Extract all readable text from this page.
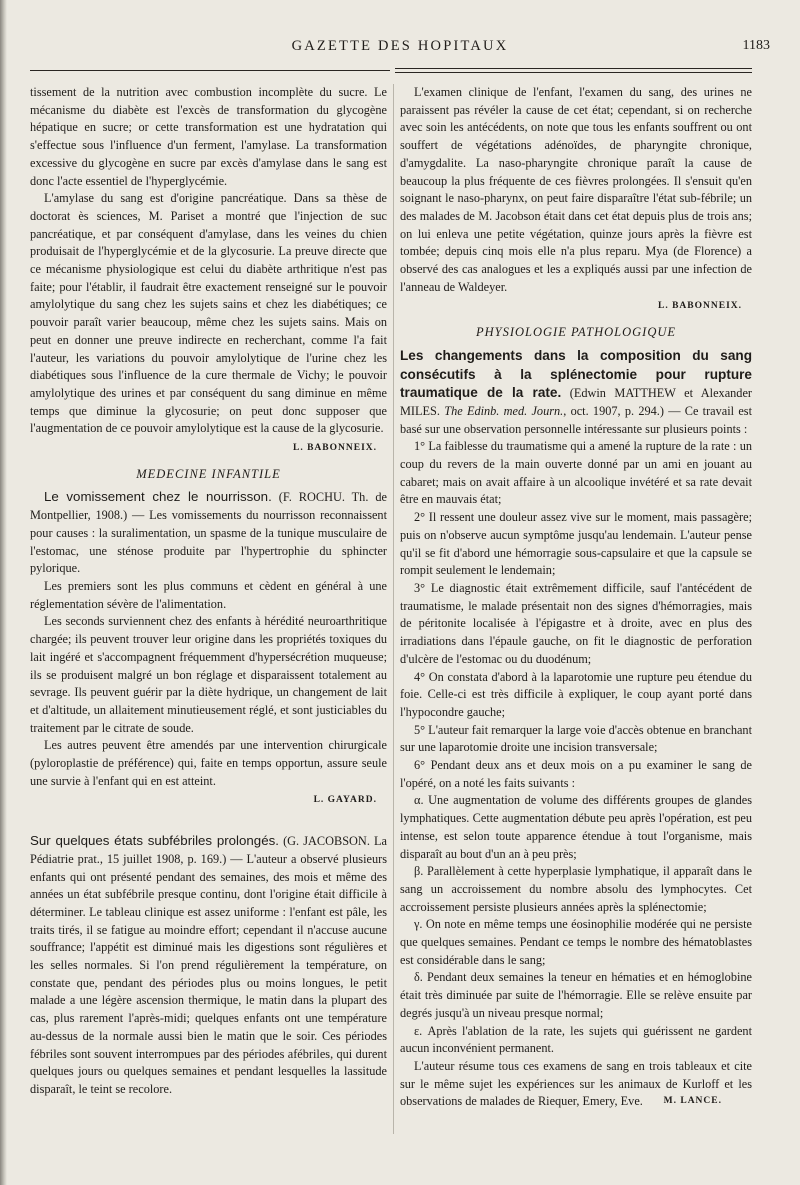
GAZETTE DES HOPITAUX	1183

tissement de la nutrition avec combustion incomplète du sucre. Le mécanisme du diabète est l'excès de transformation du glycogène hépatique en sucre; or cette transformation est une hydratation qui s'effectue sous l'influence d'un ferment, l'amylase. La transformation excessive du glycogène en sucre par excès d'amylase dans le sang est donc l'acte essentiel de l'hyperglycémie.

L'amylase du sang est d'origine pancréatique. Dans sa thèse de doctorat ès sciences, M. Pariset a montré que l'injection de suc pancréatique, et par conséquent d'amylase, dans les veines du chien produisait de l'hyperglycémie et de la glycosurie. La preuve directe que ce mécanisme physiologique est celui du diabète arthritique n'est pas faite; pour l'établir, il faudrait être exactement renseigné sur le pouvoir amylolytique du sang chez les sujets sains et chez les diabétiques; ce pouvoir paraît varier beaucoup, même chez les sujets sains. Mais on peut en donner une preuve indirecte en recherchant, comme l'a fait l'auteur, les variations du pouvoir amylolytique de l'urine chez les diabétiques sous l'influence de la cure thermale de Vichy; le pouvoir amylolytique des urines et par conséquent du sang diminue en même temps que diminue la glycosurie; on peut donc supposer que l'augmentation de ce pouvoir amylolytique est la cause de la glycosurie.

L. BABONNEIX.
MEDECINE INFANTILE

Le vomissement chez le nourrisson. (F. ROCHU. Th. de Montpellier, 1908.) — Les vomissements du nourrisson reconnaissent pour causes : la suralimentation, un spasme de la tunique musculaire de l'estomac, une sténose produite par l'hypertrophie du sphincter pylorique.

Les premiers sont les plus communs et cèdent en général à une réglementation sévère de l'alimentation.

Les seconds surviennent chez des enfants à hérédité neuroarthritique chargée; ils peuvent trouver leur origine dans les propriétés toxiques du lait ingéré et s'accompagnent fréquemment d'hypersécrétion muqueuse; ils se produisent malgré un bon réglage et disparaissent totalement au sevrage. Ils peuvent guérir par la diète hydrique, un changement de lait et d'altitude, un allaitement minutieusement réglé, et sont justiciables du traitement par le citrate de soude.

Les autres peuvent être amendés par une intervention chirurgicale (pyloroplastie de préférence) qui, faite en temps opportun, assure seule une survie à l'enfant qui en est atteint.

L. GAYARD.

Sur quelques états subfébriles prolongés. (G. JACOBSON. La Pédiatrie prat., 15 juillet 1908, p. 169.) — L'auteur a observé plusieurs enfants qui ont présenté pendant des semaines, des mois et même des années un état subfébrile presque continu, dont l'origine était difficile à déterminer. Le tableau clinique est assez uniforme : l'enfant est pâle, les traits tirés, il se fatigue au moindre effort; cependant il n'accuse aucune souffrance; l'appétit est diminué mais les digestions sont régulières et les selles normales. Si l'on prend régulièrement la température, on constate que, pendant des périodes plus ou moins longues, le petit malade a une légère ascension thermique, le matin dans la plupart des cas, plus rarement l'après-midi; quelques enfants ont une température au-dessus de la normale aussi bien le matin que le soir. Ces périodes fébriles sont souvent interrompues par des périodes afébriles, qui durent quelques jours ou quelques semaines et pendant lesquelles la lassitude disparaît, le teint se recolore.

L'examen clinique de l'enfant, l'examen du sang, des urines ne paraissent pas révéler la cause de cet état; cependant, si on recherche avec soin les antécédents, on note que tous les enfants souffrent ou ont souffert de végétations adénoïdes, de pharyngite chronique, d'amygdalite. La naso-pharyngite chronique paraît la cause de beaucoup la plus fréquente de ces fièvres prolongées. Il s'ensuit qu'en soignant le naso-pharynx, on peut faire disparaître l'état sub-fébrile; un des malades de M. Jacobson était dans cet état depuis plus de trois ans; on lui enleva une petite végétation, quinze jours après la fièvre est tombée; depuis cinq mois elle n'a plus reparu. Mya (de Florence) a observé des cas analogues et les a expliqués aussi par une infection de l'anneau de Waldeyer.

L. BABONNEIX.
PHYSIOLOGIE PATHOLOGIQUE

Les changements dans la composition du sang consécutifs à la splénectomie pour rupture traumatique de la rate. (Edwin MATTHEW et Alexander MILES. The Edinb. med. Journ., oct. 1907, p. 294.) — Ce travail est basé sur une observation personnelle intéressante sur plusieurs points :

1° La faiblesse du traumatisme qui a amené la rupture de la rate : un coup du revers de la main ouverte donné par un ami en jouant au cabaret; mais on avait affaire à un alcoolique invétéré et sa rate devait être en mauvais état;

2° Il ressent une douleur assez vive sur le moment, mais passagère; puis on n'observe aucun symptôme jusqu'au lendemain. L'auteur pense qu'il se fit d'abord une hémorragie sous-capsulaire et que la capsule se rompit seulement le lendemain;

3° Le diagnostic était extrêmement difficile, sauf l'antécédent de traumatisme, le malade présentait non des signes d'hémorragies, mais de péritonite localisée à l'épigastre et à droite, avec en plus des irradiations dans l'épaule gauche, on fit le diagnostic de perforation d'ulcère de l'estomac ou du duodénum;

4° On constata d'abord à la laparotomie une rupture peu étendue du foie. Celle-ci est très difficile à expliquer, le coup ayant porté dans l'hypocondre gauche;

5° L'auteur fait remarquer la large voie d'accès obtenue en branchant sur une laparotomie droite une incision transversale;

6° Pendant deux ans et deux mois on a pu examiner le sang de l'opéré, on a noté les faits suivants :

α. Une augmentation de volume des différents groupes de glandes lymphatiques. Cette augmentation débute peu après l'opération, est peu intense, est selon toute apparence étendue à tout l'organisme, mais disparaît au bout d'un an à peu près;

β. Parallèlement à cette hyperplasie lymphatique, il apparaît dans le sang un accroissement du nombre absolu des lymphocytes. Cet accroissement persiste plusieurs années après la splénectomie;

γ. On note en même temps une éosinophilie modérée qui ne persiste que quelques semaines. Pendant ce temps le nombre des hématoblastes est considérable dans le sang;

δ. Pendant deux semaines la teneur en hématies et en hémoglobine était très diminuée par suite de l'hémorragie. Elle se relève ensuite par degrés jusqu'à un niveau presque normal;

ε. Après l'ablation de la rate, les sujets qui guérissent ne gardent aucun inconvénient permanent.

L'auteur résume tous ces examens de sang en trois tableaux et cite sur le même sujet les expériences sur les animaux de Kurloff et les observations de malades de Riequer, Emery, Eve.	M. LANCE.
